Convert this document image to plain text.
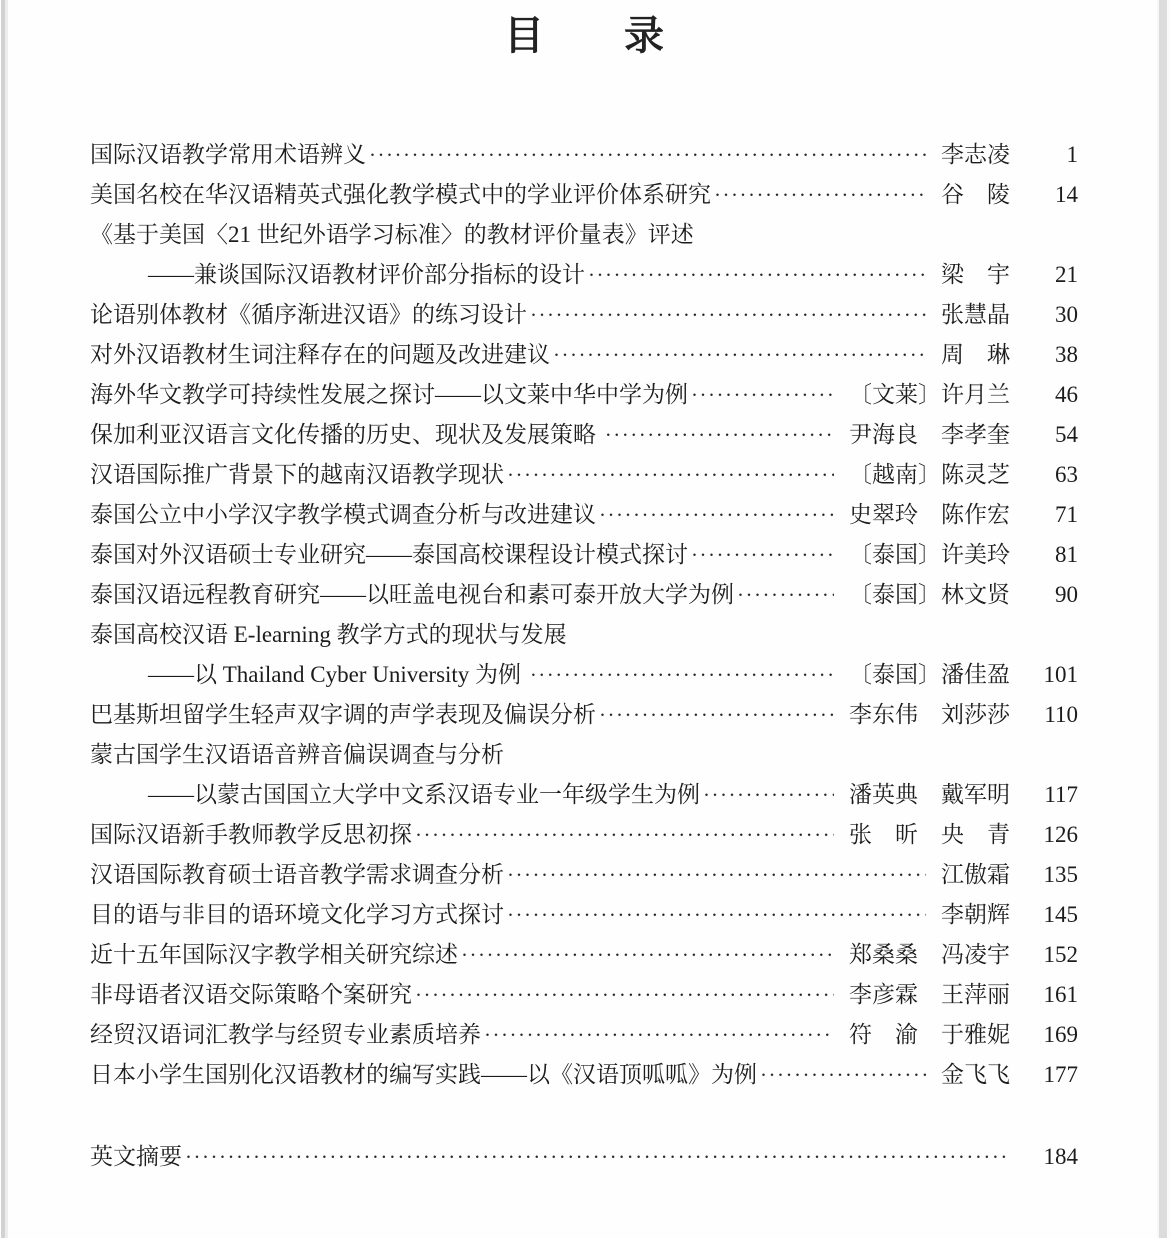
目　　录
国际汉语教学常用术语辨义 ·····	李志凌	1
美国名校在华汉语精英式强化教学模式中的学业评价体系研究 ·····	谷　陵	14
《基于美国〈21 世纪外语学习标准〉的教材评价量表》评述
——兼谈国际汉语教材评价部分指标的设计 ·····	梁　宇	21
论语别体教材《循序渐进汉语》的练习设计 ·····	张慧晶	30
对外汉语教材生词注释存在的问题及改进建议 ·····	周　琳	38
海外华文教学可持续性发展之探讨——以文莱中华中学为例 ·····	〔文莱〕许月兰	46
保加利亚汉语言文化传播的历史、现状及发展策略 ·····	尹海良　李孝奎	54
汉语国际推广背景下的越南汉语教学现状 ·····	〔越南〕陈灵芝	63
泰国公立中小学汉字教学模式调查分析与改进建议 ·····	史翠玲　陈作宏	71
泰国对外汉语硕士专业研究——泰国高校课程设计模式探讨 ·····	〔泰国〕许美玲	81
泰国汉语远程教育研究——以旺盖电视台和素可泰开放大学为例 ·····	〔泰国〕林文贤	90
泰国高校汉语 E-learning 教学方式的现状与发展
——以 Thailand Cyber University 为例 ·····	〔泰国〕潘佳盈	101
巴基斯坦留学生轻声双字调的声学表现及偏误分析 ·····	李东伟　刘莎莎	110
蒙古国学生汉语语音辨音偏误调查与分析
——以蒙古国国立大学中文系汉语专业一年级学生为例 ·····	潘英典　戴军明	117
国际汉语新手教师教学反思初探 ·····	张　昕　央　青	126
汉语国际教育硕士语音教学需求调查分析 ·····	江傲霜	135
目的语与非目的语环境文化学习方式探讨 ·····	李朝辉	145
近十五年国际汉字教学相关研究综述 ·····	郑桑桑　冯凌宇	152
非母语者汉语交际策略个案研究 ·····	李彦霖　王萍丽	161
经贸汉语词汇教学与经贸专业素质培养 ·····	符　渝　于雅妮	169
日本小学生国别化汉语教材的编写实践——以《汉语顶呱呱》为例 ·····	金飞飞	177
英文摘要 ·····	184
